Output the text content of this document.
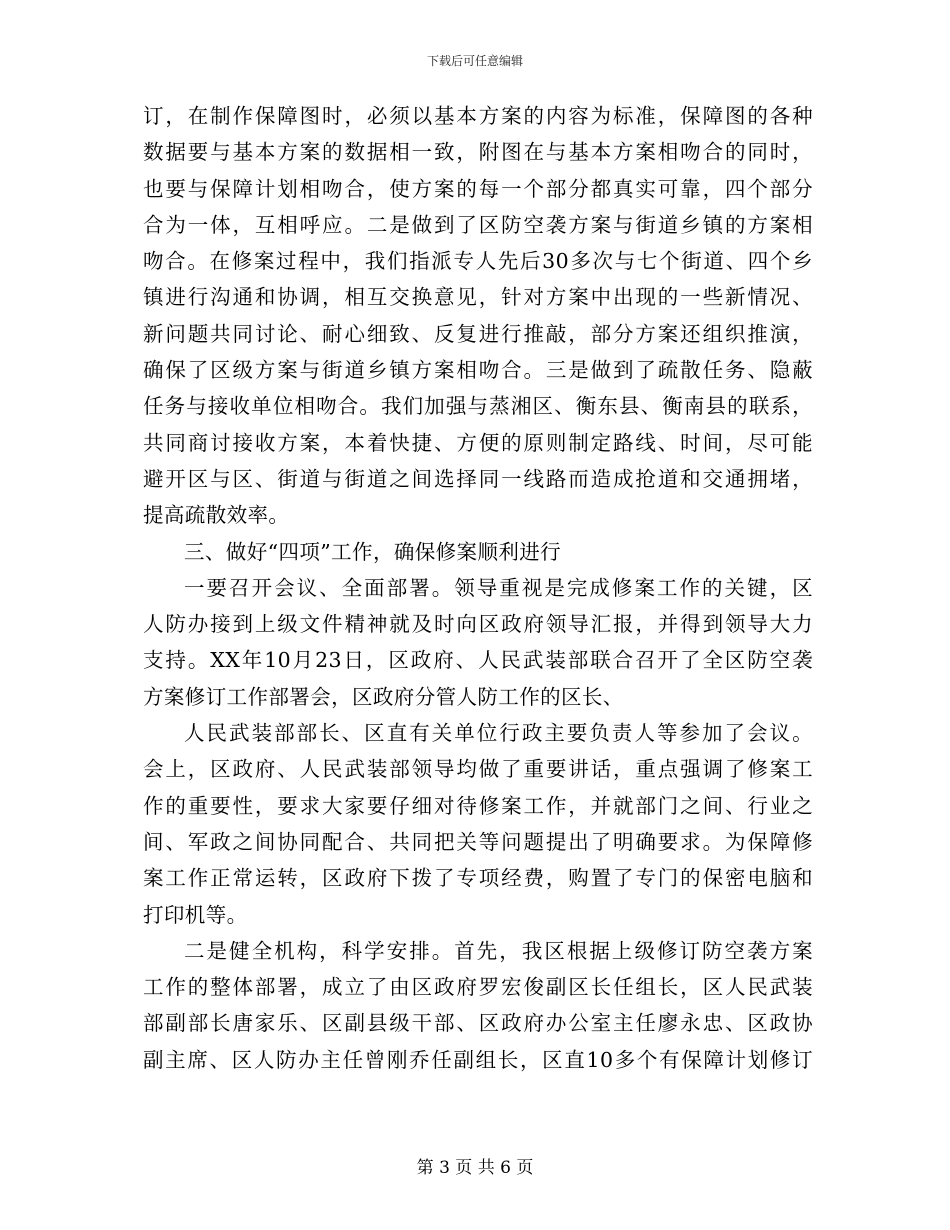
下载后可任意编辑
订，在制作保障图时，必须以基本方案的内容为标准，保障图的各种
数据要与基本方案的数据相一致，附图在与基本方案相吻合的同时，
也要与保障计划相吻合，使方案的每一个部分都真实可靠，四个部分
合为一体，互相呼应。二是做到了区防空袭方案与街道乡镇的方案相
吻合。在修案过程中，我们指派专人先后30多次与七个街道、四个乡
镇进行沟通和协调，相互交换意见，针对方案中出现的一些新情况、
新问题共同讨论、耐心细致、反复进行推敲，部分方案还组织推演，
确保了区级方案与街道乡镇方案相吻合。三是做到了疏散任务、隐蔽
任务与接收单位相吻合。我们加强与蒸湘区、衡东县、衡南县的联系，
共同商讨接收方案，本着快捷、方便的原则制定路线、时间，尽可能
避开区与区、街道与街道之间选择同一线路而造成抢道和交通拥堵，
提高疏散效率。
三、做好“四项”工作，确保修案顺利进行
一要召开会议、全面部署。领导重视是完成修案工作的关键，区
人防办接到上级文件精神就及时向区政府领导汇报，并得到领导大力
支持。XX年10月23日，区政府、人民武装部联合召开了全区防空袭
方案修订工作部署会，区政府分管人防工作的区长、
人民武装部部长、区直有关单位行政主要负责人等参加了会议。
会上，区政府、人民武装部领导均做了重要讲话，重点强调了修案工
作的重要性，要求大家要仔细对待修案工作，并就部门之间、行业之
间、军政之间协同配合、共同把关等问题提出了明确要求。为保障修
案工作正常运转，区政府下拨了专项经费，购置了专门的保密电脑和
打印机等。
二是健全机构，科学安排。首先，我区根据上级修订防空袭方案
工作的整体部署，成立了由区政府罗宏俊副区长任组长，区人民武装
部副部长唐家乐、区副县级干部、区政府办公室主任廖永忠、区政协
副主席、区人防办主任曾刚乔任副组长，区直10多个有保障计划修订
第 3 页 共 6 页
